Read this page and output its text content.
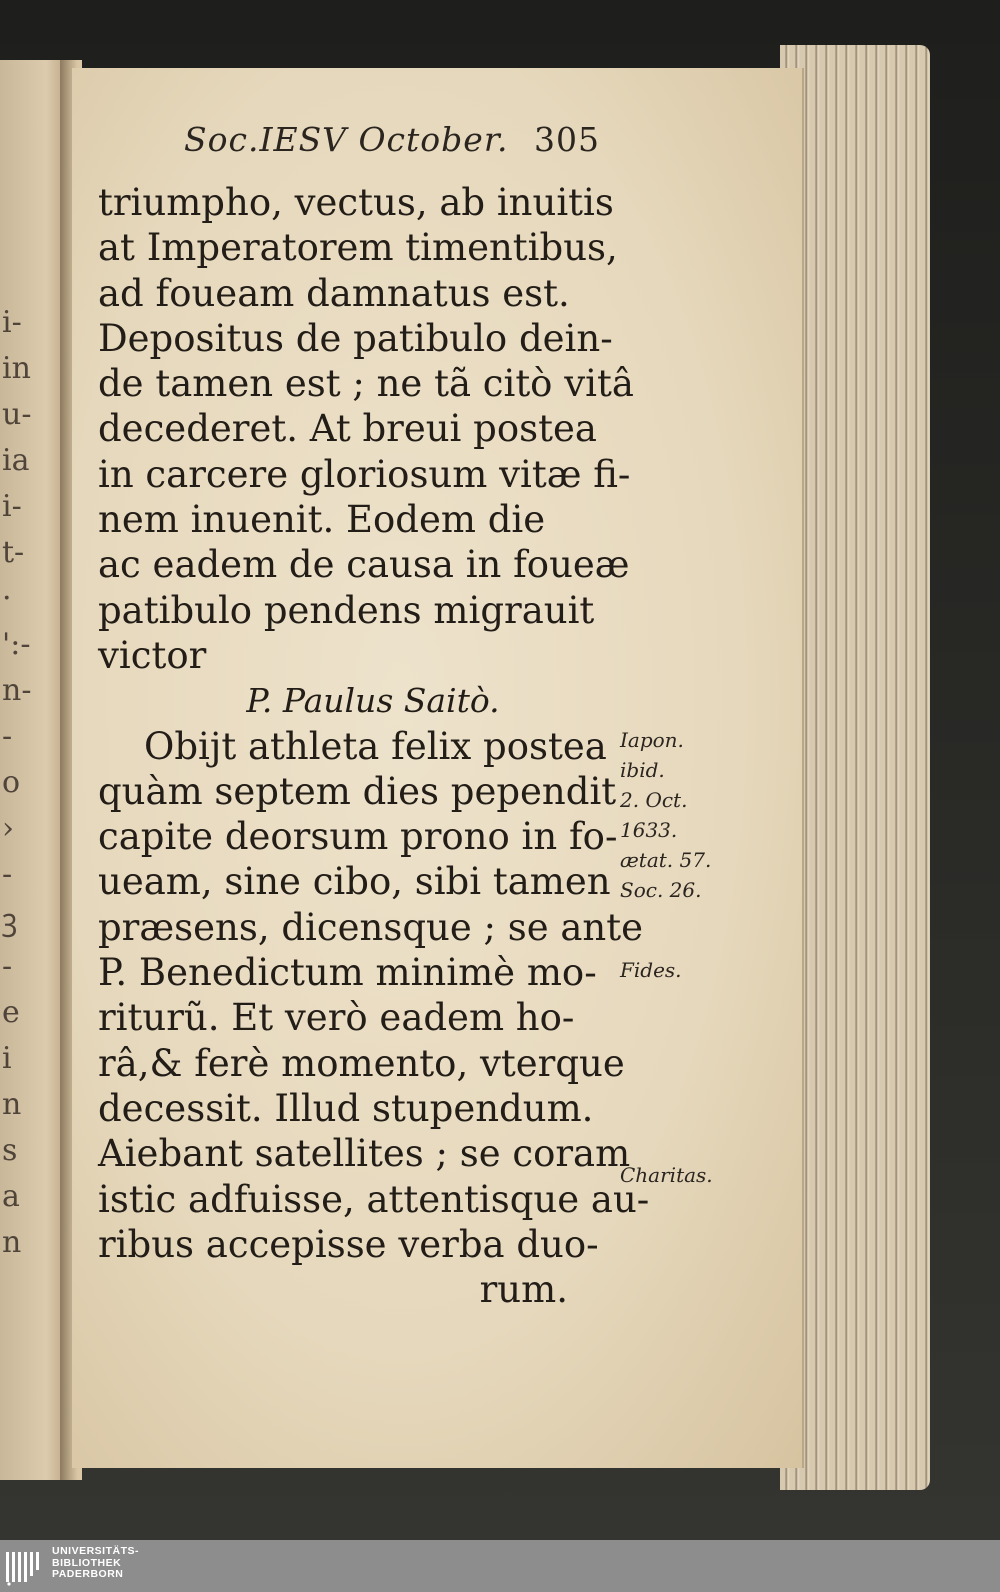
i-
in
u-
ia
i-
t-
·
':-
n-
-
o
›
-
ꝫ
-
e
i
n
s
a
n
Soc.IESV October. 305
triumpho, vectus, ab inuitis
at Imperatorem timentibus,
ad foueam damnatus est.
Depositus de patibulo dein-
de tamen est ; ne tã citò vitâ
decederet. At breui postea
in carcere gloriosum vitæ fi-
nem inuenit. Eodem die
ac eadem de causa in foueæ
patibulo pendens migrauit
victor
P. Paulus Saitò.
Obijt athleta felix postea
quàm septem dies pependit
capite deorsum prono in fo-
ueam, sine cibo, sibi tamen
præsens, dicensque ; se ante
P. Benedictum minimè mo-
riturũ. Et verò eadem ho-
râ,& ferè momento, vterque
decessit. Illud stupendum.
Aiebant satellites ; se coram
istic adfuisse, attentisque au-
ribus accepisse verba duo-
rum.
Iapon.
ibid.
2. Oct.
1633.
ætat. 57.
Soc. 26.
Fides.
Charitas.
UNIVERSITÄTS-
BIBLIOTHEK
PADERBORN
